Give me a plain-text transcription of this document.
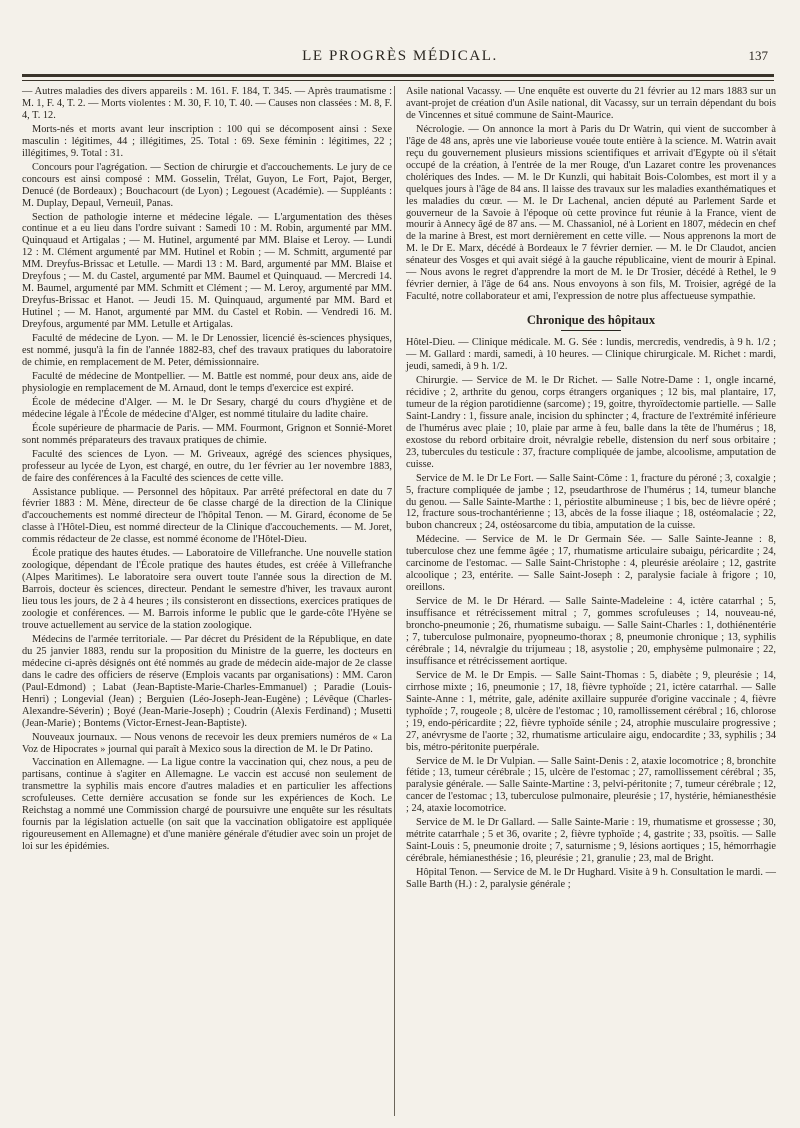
LE PROGRÈS MÉDICAL.	137

— Autres maladies des divers appareils : M. 161. F. 184, T. 345. — Après traumatisme : M. 1, F. 4, T. 2. — Morts violentes : M. 30, F. 10, T. 40. — Causes non classées : M. 8, F. 4, T. 12.

Morts-nés et morts avant leur inscription : 100 qui se décomposent ainsi : Sexe masculin : légitimes, 44 ; illégitimes, 25. Total : 69. Sexe féminin : légitimes, 22 ; illégitimes, 9. Total : 31.

Concours pour l'agrégation. — Section de chirurgie et d'accouchements. Le jury de ce concours est ainsi composé : MM. Gosselin, Trélat, Guyon, Le Fort, Pajot, Berger, Denucé (de Bordeaux) ; Bouchacourt (de Lyon) ; Legouest (Académie). — Suppléants : M. Duplay, Depaul, Verneuil, Panas.

Section de pathologie interne et médecine légale. — L'argumentation des thèses continue et a eu lieu dans l'ordre suivant : Samedi 10 : M. Robin, argumenté par MM. Quinquaud et Artigalas ; — M. Hutinel, argumenté par MM. Blaise et Leroy. — Lundi 12 : M. Clément argumenté par MM. Hutinel et Robin ; — M. Schmitt, argumenté par MM. Dreyfus-Brissac et Letulle. — Mardi 13 : M. Bard, argumenté par MM. Blaise et Dreyfous ; — M. du Castel, argumenté par MM. Baumel et Quinquaud. — Mercredi 14. M. Baumel, argumenté par MM. Schmitt et Clément ; — M. Leroy, argumenté par MM. Dreyfus-Brissac et Hanot. — Jeudi 15. M. Quinquaud, argumenté par MM. Bard et Hutinel ; — M. Hanot, argumenté par MM. du Castel et Robin. — Vendredi 16. M. Dreyfous, argumenté par MM. Letulle et Artigalas.

Faculté de médecine de Lyon. — M. le Dr Lenossier, licencié ès-sciences physiques, est nommé, jusqu'à la fin de l'année 1882-83, chef des travaux pratiques du laboratoire de chimie, en remplacement de M. Peter, démissionnaire.

Faculté de médecine de Montpellier. — M. Battle est nommé, pour deux ans, aide de physiologie en remplacement de M. Arnaud, dont le temps d'exercice est expiré.

École de médecine d'Alger. — M. le Dr Sesary, chargé du cours d'hygiène et de médecine légale à l'École de médecine d'Alger, est nommé titulaire du ladite chaire.

École supérieure de pharmacie de Paris. — MM. Fourmont, Grignon et Sonnié-Moret sont nommés préparateurs des travaux pratiques de chimie.

Faculté des sciences de Lyon. — M. Griveaux, agrégé des sciences physiques, professeur au lycée de Lyon, est chargé, en outre, du 1er février au 1er novembre 1883, de faire des conférences à la Faculté des sciences de cette ville.

Assistance publique. — Personnel des hôpitaux. Par arrêté préfectoral en date du 7 février 1883 : M. Mène, directeur de 6e classe chargé de la direction de la Clinique d'accouchements est nommé directeur de l'hôpital Tenon. — M. Girard, économe de 5e classe à l'Hôtel-Dieu, est nommé directeur de la Clinique d'accouchements. — M. Joret, commis rédacteur de 2e classe, est nommé économe de l'Hôtel-Dieu.

École pratique des hautes études. — Laboratoire de Villefranche. Une nouvelle station zoologique, dépendant de l'École pratique des hautes études, est créée à Villefranche (Alpes Maritimes). Le laboratoire sera ouvert toute l'année sous la direction de M. Barrois, docteur ès sciences, directeur. Pendant le semestre d'hiver, les travaux auront lieu tous les jours, de 2 à 4 heures ; ils consisteront en dissections, exercices pratiques de zoologie et conférences. — M. Barrois informe le public que le garde-côte l'Hyène se trouve actuellement au service de la station zoologique.

Médecins de l'armée territoriale. — Par décret du Président de la République, en date du 25 janvier 1883, rendu sur la proposition du Ministre de la guerre, les docteurs en médecine ci-après désignés ont été nommés au grade de médecin aide-major de 2e classe dans le cadre des officiers de réserve (Emplois vacants par organisations) : MM. Caron (Paul-Edmond) ; Labat (Jean-Baptiste-Marie-Charles-Emmanuel) ; Paradie (Louis-Henri) ; Longevial (Jean) ; Berguien (Léo-Joseph-Jean-Eugène) ; Lévêque (Charles-Alexandre-Séverin) ; Boyé (Jean-Marie-Joseph) ; Coudrin (Alexis Ferdinand) ; Musetti (Jean-Marie) ; Bontems (Victor-Ernest-Jean-Baptiste).

Nouveaux journaux. — Nous venons de recevoir les deux premiers numéros de « La Voz de Hipocrates » journal qui paraît à Mexico sous la direction de M. le Dr Patino.

Vaccination en Allemagne. — La ligue contre la vaccination qui, chez nous, a peu de partisans, continue à s'agiter en Allemagne. Le vaccin est accusé non seulement de transmettre la syphilis mais encore d'autres maladies et en particulier les affections scrofuleuses. Cette dernière accusation se fonde sur les expériences de Koch. Le Reichstag a nommé une Commission chargé de poursuivre une enquête sur les résultats fournis par la législation actuelle (on sait que la vaccination obligatoire est appliquée rigoureusement en Allemagne) et d'une manière générale d'étudier avec soin un projet de loi sur les épidémies.

Asile national Vacassy. — Une enquête est ouverte du 21 février au 12 mars 1883 sur un avant-projet de création d'un Asile national, dit Vacassy, sur un terrain dépendant du bois de Vincennes et situé commune de Saint-Maurice.

Nécrologie. — On annonce la mort à Paris du Dr Watrin, qui vient de succomber à l'âge de 48 ans, après une vie laborieuse vouée toute entière à la science. M. Watrin avait reçu du gouvernement plusieurs missions scientifiques et arrivait d'Egypte où il s'était occupé de la création, à l'entrée de la mer Rouge, d'un Lazaret contre les provenances cholériques des Indes. — M. le Dr Kunzli, qui habitait Bois-Colombes, est mort il y a quelques jours à l'âge de 84 ans. Il laisse des travaux sur les maladies exanthématiques et les maladies du cœur. — M. le Dr Lachenal, ancien député au Parlement Sarde et gouverneur de la Savoie à l'époque où cette province fut réunie à la France, vient de mourir à Annecy âgé de 87 ans. — M. Chassaniol, né à Lorient en 1807, médecin en chef de la marine à Brest, est mort dernièrement en cette ville. — Nous apprenons la mort de M. le Dr E. Marx, décédé à Bordeaux le 7 février dernier. — M. le Dr Claudot, ancien sénateur des Vosges et qui avait siégé à la gauche républicaine, vient de mourir à Epinal. — Nous avons le regret d'apprendre la mort de M. le Dr Trosier, décédé à Rethel, le 9 février dernier, à l'âge de 64 ans. Nous envoyons à son fils, M. Troisier, agrégé de la Faculté, notre collaborateur et ami, l'expression de notre plus affectueuse sympathie.

Chronique des hôpitaux

Hôtel-Dieu. — Clinique médicale. M. G. Sée : lundis, mercredis, vendredis, à 9 h. 1/2 ; — M. Gallard : mardi, samedi, à 10 heures. — Clinique chirurgicale. M. Richet : mardi, jeudi, samedi, à 9 h. 1/2.

Chirurgie. — Service de M. le Dr Richet. — Salle Notre-Dame : 1, ongle incarné, récidive ; 2, arthrite du genou, corps étrangers organiques ; 12 bis, mal plantaire, 17, tumeur de la région parotidienne (sarcome) ; 19, goitre, thyroïdectomie partielle. — Salle Saint-Landry : 1, fissure anale, incision du sphincter ; 4, fracture de l'extrémité inférieure de l'humérus avec plaie ; 10, plaie par arme à feu, balle dans la tête de l'humérus ; 18, exostose du rebord orbitaire droit, névralgie rebelle, distension du nerf sous orbitaire ; 23, tubercules du testicule : 37, fracture compliquée de jambe, alcoolisme, amputation de cuisse.

Service de M. le Dr Le Fort. — Salle Saint-Côme : 1, fracture du péroné ; 3, coxalgie ; 5, fracture compliquée de jambe ; 12, pseudarthrose de l'humérus ; 14, tumeur blanche du genou. — Salle Sainte-Marthe : 1, périostite albumineuse ; 1 bis, bec de lièvre opéré ; 12, fracture sous-trochantérienne ; 13, abcès de la fosse iliaque ; 18, ostéomalacie ; 22, bubon chancreux ; 24, ostéosarcome du tibia, amputation de la cuisse.

Médecine. — Service de M. le Dr Germain Sée. — Salle Sainte-Jeanne : 8, tuberculose chez une femme âgée ; 17, rhumatisme articulaire subaigu, péricardite ; 24, carcinome de l'estomac. — Salle Saint-Christophe : 4, pleurésie aréolaire ; 12, gastrite alcoolique ; 23, entérite. — Salle Saint-Joseph : 2, paralysie faciale à frigore ; 10, oreillons.

Service de M. le Dr Hérard. — Salle Sainte-Madeleine : 4, ictère catarrhal ; 5, insuffisance et rétrécissement mitral ; 7, gommes scrofuleuses ; 14, nouveau-né, broncho-pneumonie ; 26, rhumatisme subaigu. — Salle Saint-Charles : 1, dothiénentérie ; 7, tuberculose pulmonaire, pyopneumo-thorax ; 8, pneumonie chronique ; 13, syphilis cérébrale ; 14, névralgie du trijumeau ; 18, asystolie ; 20, emphysème pulmonaire ; 22, insuffisance et rétrécissement aortique.

Service de M. le Dr Empis. — Salle Saint-Thomas : 5, diabète ; 9, pleurésie ; 14, cirrhose mixte ; 16, pneumonie ; 17, 18, fièvre typhoïde ; 21, ictère catarrhal. — Salle Sainte-Anne : 1, métrite, gale, adénite axillaire suppurée d'origine vaccinale ; 4, fièvre typhoïde ; 7, rougeole ; 8, ulcère de l'estomac ; 10, ramollissement cérébral ; 16, chlorose ; 19, endo-péricardite ; 22, fièvre typhoïde sénile ; 24, atrophie musculaire progressive ; 27, anévrysme de l'aorte ; 32, rhumatisme articulaire aigu, endocardite ; 33, syphilis ; 34 bis, métro-péritonite puerpérale.

Service de M. le Dr Vulpian. — Salle Saint-Denis : 2, ataxie locomotrice ; 8, bronchite fétide ; 13, tumeur cérébrale ; 15, ulcère de l'estomac ; 27, ramollissement cérébral ; 35, paralysie générale. — Salle Sainte-Martine : 3, pelvi-péritonite ; 7, tumeur cérébrale ; 12, cancer de l'estomac ; 13, tuberculose pulmonaire, pleurésie ; 17, hystérie, hémianesthésie ; 24, ataxie locomotrice.

Service de M. le Dr Gallard. — Salle Sainte-Marie : 19, rhumatisme et grossesse ; 30, métrite catarrhale ; 5 et 36, ovarite ; 2, fièvre typhoïde ; 4, gastrite ; 33, psoïtis. — Salle Saint-Louis : 5, pneumonie droite ; 7, saturnisme ; 9, lésions aortiques ; 15, hémorrhagie cérébrale, hémianesthésie ; 16, pleurésie ; 21, granulie ; 23, mal de Bright.

Hôpital Tenon. — Service de M. le Dr Hughard. Visite à 9 h. Consultation le mardi. — Salle Barth (H.) : 2, paralysie générale ;
